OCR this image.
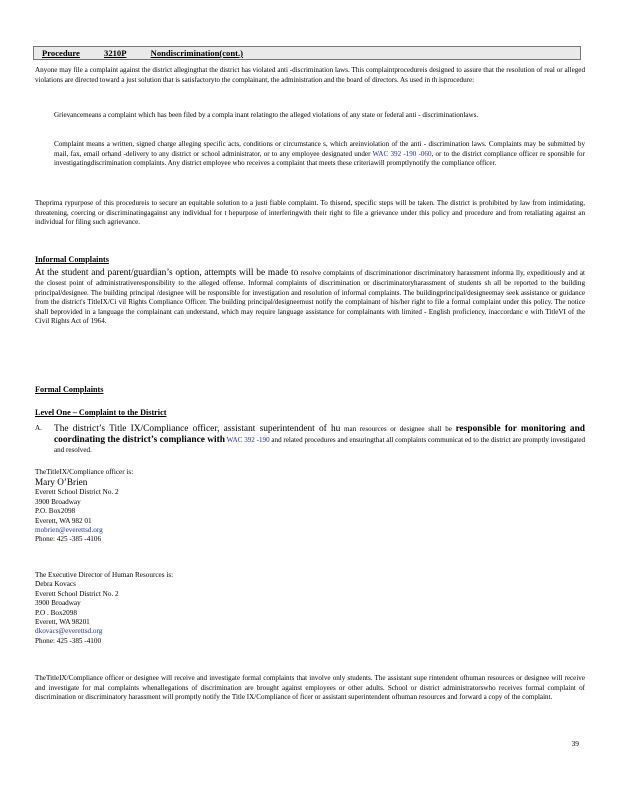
Procedure	3210P	Nondiscrimination(cont.)
Anyone may file a complaint against the district allegingthat the district has violated anti -discrimination laws. This complaintprocedureis designed to assure that the resolution of real or alleged violations are directed toward a just solution that is satisfactoryto the complainant, the administration and the board of directors. As used in th isprocedure:
Grievancemeans a complaint which has been filed by a compla inant relatingto the alleged violations of any state or federal anti - discriminationlaws.
Complaint means a written, signed charge alleging specific acts, conditions or circumstance s, which areinviolation of the anti - discrimination laws. Complaints may be submitted by mail, fax, email orhand -delivery to any district or school administrator, or to any employee designated under WAC 392 -190 -060, or to the district compliance officer re sponsible for investigatingdiscrimination complaints. Any district employee who receives a complaint that meets these criteriawill promptlynotify the compliance officer.
Theprima rypurpose of this procedureis to secure an equitable solution to a justi fiable complaint. To thisend, specific steps will be taken. The district is prohibited by law from intimidating, threatening, coercing or discriminatingagainst any individual for t hepurpose of interferingwith their right to file a grievance under this policy and procedure and from retaliating against an individual for filing such agrievance.
Informal Complaints
At the student and parent/guardian’s option, attempts will be made to resolve complaints of discriminationor discriminatory harassment informa lly, expeditiously and at the closest point of administrativeresponsibility to the alleged offense. Informal complaints of discrimination or discriminatoryharassment of students sh all be reported to the building principal/designee. The building principal /designee will be responsible for investigation and resolution of informal complaints. The buildingprincipal/designeemay seek assistance or guidance from the district's TitleIX/Ci vil Rights Compliance Officer. The building principal/designeemust notify the complainant of his/her right to file a formal complaint under this policy. The notice shall beprovided in a language the complainant can understand, which may require language assistance for complainants with limited - English proficiency, inaccordanc e with TitleVI of the Civil Rights Act of 1964.
Formal Complaints
Level One – Complaint to the District
A. The district’s Title IX/Compliance officer, assistant superintendent of hu man resources or designee shall be responsible for monitoring and coordinating the district’s compliance with WAC 392 -190 and related procedures and ensuringthat all complaints communicat ed to the district are promptly investigated and resolved.
TheTitleIX/Compliance officer is:
Mary O’Brien
Everett School District No. 2
3900 Broadway
P.O. Box2098
Everett, WA 982 01
mobrien@everettsd.org
Phone: 425 -385 -4106
The Executive Director of Human Resources is:
Debra Kovacs
Everett School District No. 2
3900 Broadway
P.O . Box2098
Everett, WA 98201
dkovacs@everettsd.org
Phone: 425 -385 -4100
TheTitleIX/Compliance officer or designee will receive and investigate formal complaints that involve only students. The assistant supe rintendent ofhuman resources or designee will receive and investigate for mal complaints whenallegations of discrimination are brought against employees or other adults. School or district administratorswho receives formal complaint of discrimination or discriminatory harassment will promptly notify the Title IX/Compliance of ficer or assistant superintendent ofhuman resources and forward a copy of the complaint.
39
